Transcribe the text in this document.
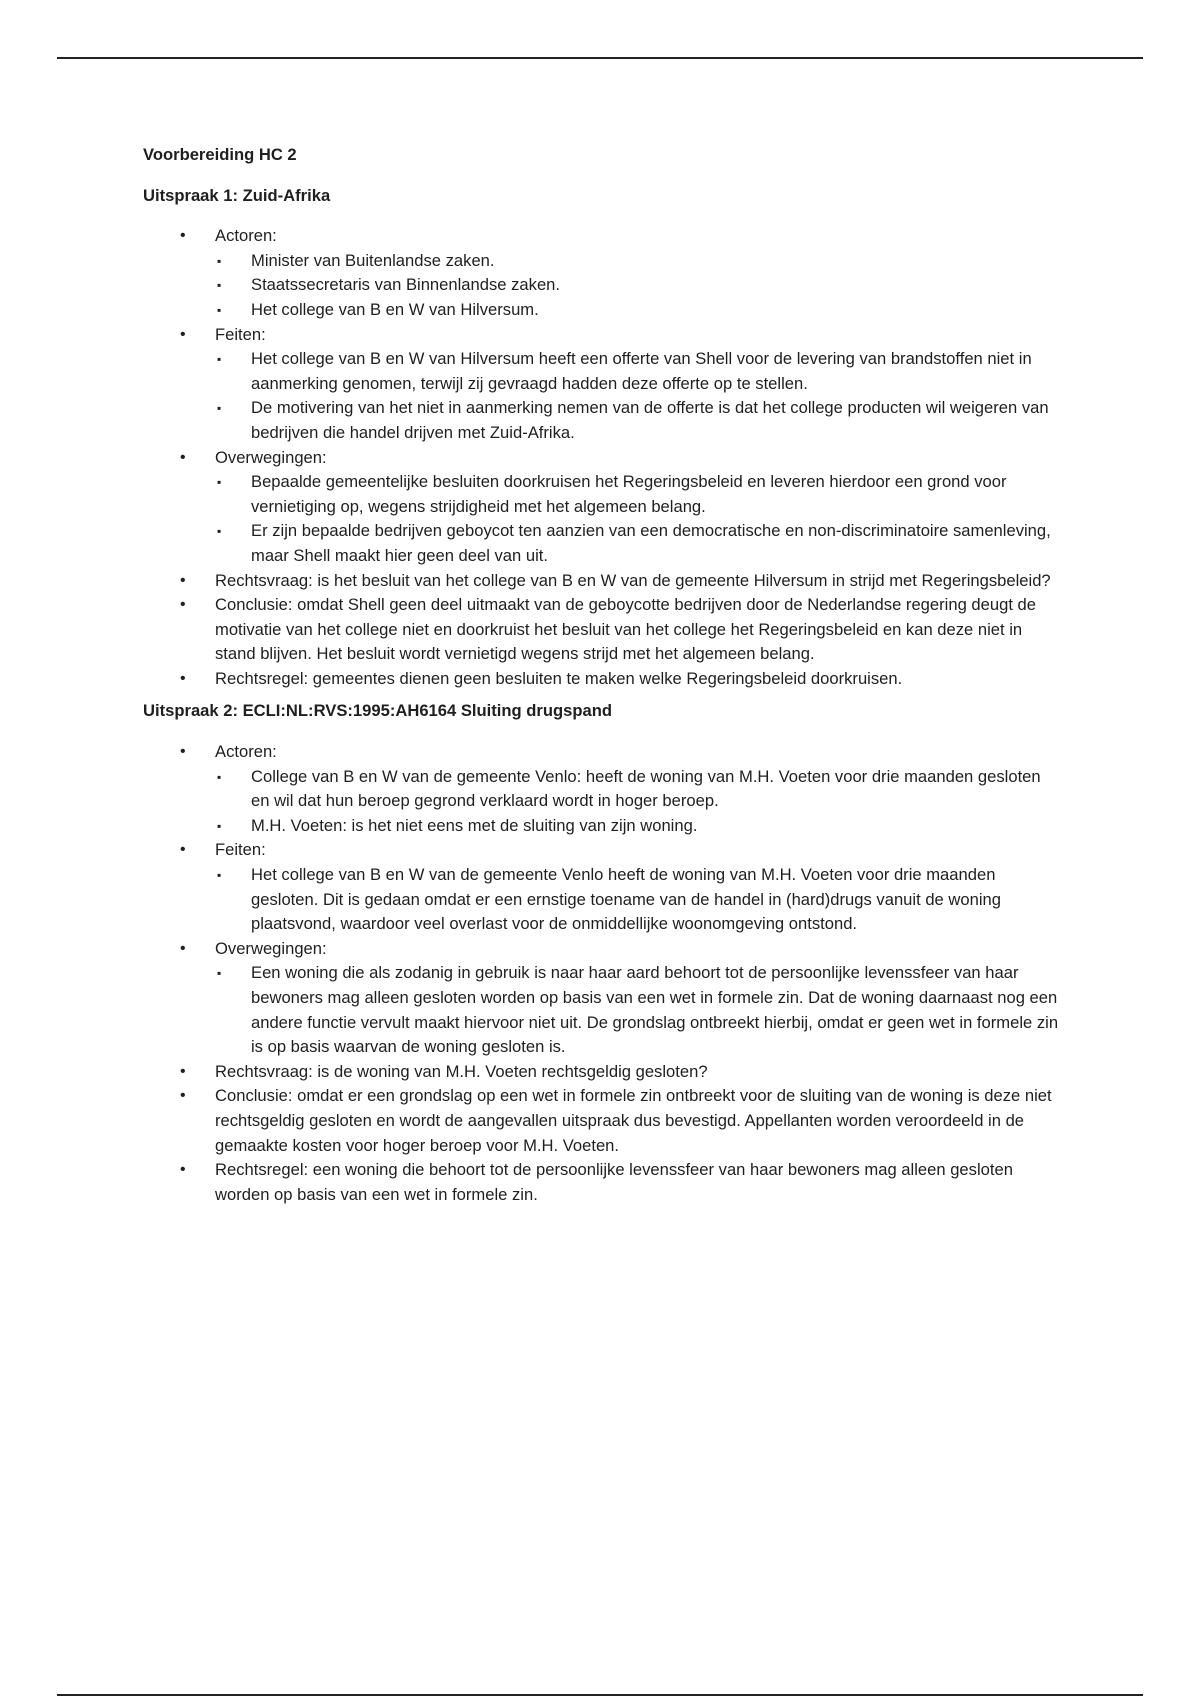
Voorbereiding HC 2
Uitspraak 1: Zuid-Afrika
• Actoren:
▪ Minister van Buitenlandse zaken.
▪ Staatssecretaris van Binnenlandse zaken.
▪ Het college van B en W van Hilversum.
• Feiten:
▪ Het college van B en W van Hilversum heeft een offerte van Shell voor de levering van brandstoffen niet in aanmerking genomen, terwijl zij gevraagd hadden deze offerte op te stellen.
▪ De motivering van het niet in aanmerking nemen van de offerte is dat het college producten wil weigeren van bedrijven die handel drijven met Zuid-Afrika.
• Overwegingen:
▪ Bepaalde gemeentelijke besluiten doorkruisen het Regeringsbeleid en leveren hierdoor een grond voor vernietiging op, wegens strijdigheid met het algemeen belang.
▪ Er zijn bepaalde bedrijven geboycot ten aanzien van een democratische en non-discriminatoire samenleving, maar Shell maakt hier geen deel van uit.
• Rechtsvraag: is het besluit van het college van B en W van de gemeente Hilversum in strijd met Regeringsbeleid?
• Conclusie: omdat Shell geen deel uitmaakt van de geboycotte bedrijven door de Nederlandse regering deugt de motivatie van het college niet en doorkruist het besluit van het college het Regeringsbeleid en kan deze niet in stand blijven. Het besluit wordt vernietigd wegens strijd met het algemeen belang.
• Rechtsregel: gemeentes dienen geen besluiten te maken welke Regeringsbeleid doorkruisen.
Uitspraak 2: ECLI:NL:RVS:1995:AH6164 Sluiting drugspand
• Actoren:
▪ College van B en W van de gemeente Venlo: heeft de woning van M.H. Voeten voor drie maanden gesloten en wil dat hun beroep gegrond verklaard wordt in hoger beroep.
▪ M.H. Voeten: is het niet eens met de sluiting van zijn woning.
• Feiten:
▪ Het college van B en W van de gemeente Venlo heeft de woning van M.H. Voeten voor drie maanden gesloten. Dit is gedaan omdat er een ernstige toename van de handel in (hard)drugs vanuit de woning plaatsvond, waardoor veel overlast voor de onmiddellijke woonomgeving ontstond.
• Overwegingen:
▪ Een woning die als zodanig in gebruik is naar haar aard behoort tot de persoonlijke levenssfeer van haar bewoners mag alleen gesloten worden op basis van een wet in formele zin. Dat de woning daarnaast nog een andere functie vervult maakt hiervoor niet uit. De grondslag ontbreekt hierbij, omdat er geen wet in formele zin is op basis waarvan de woning gesloten is.
• Rechtsvraag: is de woning van M.H. Voeten rechtsgeldig gesloten?
• Conclusie: omdat er een grondslag op een wet in formele zin ontbreekt voor de sluiting van de woning is deze niet rechtsgeldig gesloten en wordt de aangevallen uitspraak dus bevestigd. Appellanten worden veroordeeld in de gemaakte kosten voor hoger beroep voor M.H. Voeten.
• Rechtsregel: een woning die behoort tot de persoonlijke levenssfeer van haar bewoners mag alleen gesloten worden op basis van een wet in formele zin.
